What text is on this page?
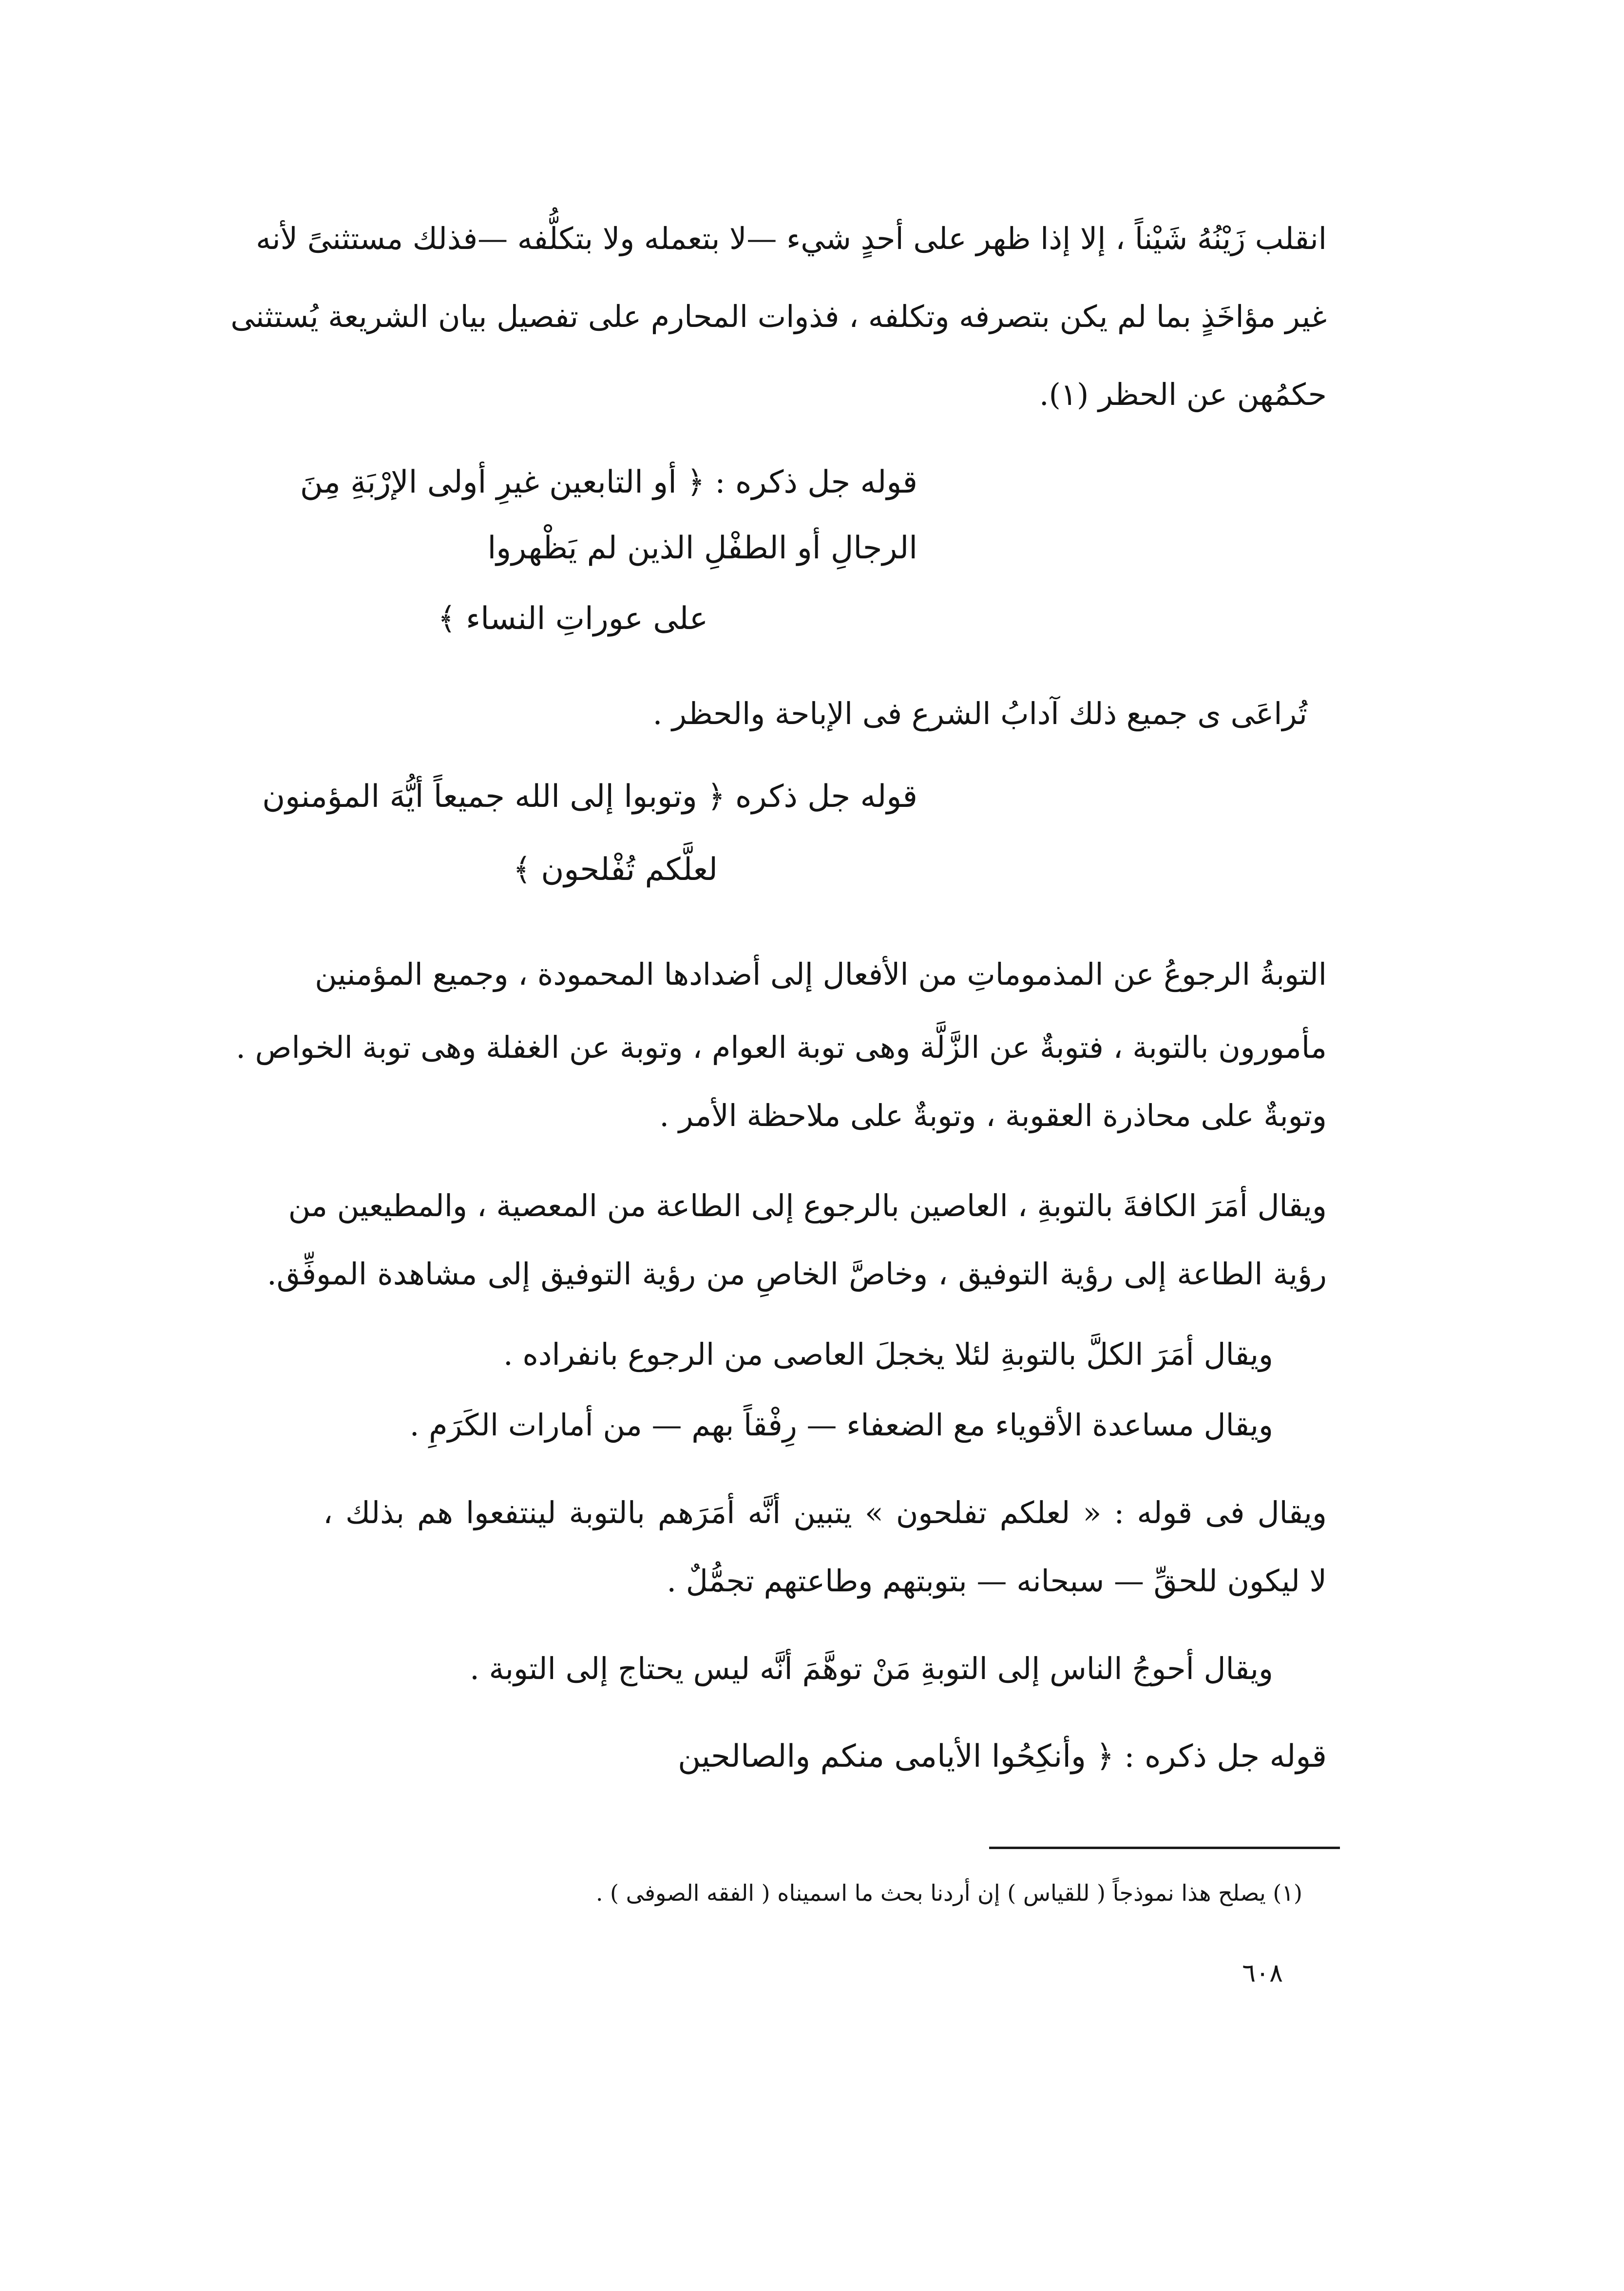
انقلب زَيْنُهُ شَيْناً ، إلا إذا ظهر على أحدٍ شيء —لا بتعمله ولا بتكلُّفه —فذلك مستثنىً لأنه
غير مؤاخَذٍ بما لم يكن بتصرفه وتكلفه ، فذوات المحارم على تفصيل بيان الشريعة يُستثنى
حكمُهن عن الحظر (١).
قوله جل ذكره : ﴿ أو التابعين غيرِ أولى الإرْبَةِ مِنَ
الرجالِ أو الطفْلِ الذين لم يَظْهروا
على عوراتِ النساء ﴾
تُراعَى ى جميع ذلك آدابُ الشرع فى الإباحة والحظر .
قوله جل ذكره ﴿ وتوبوا إلى الله جميعاً أيُّهَ المؤمنون
لعلَّكم تُفْلحون ﴾
التوبةُ الرجوعُ عن المذموماتِ من الأفعال إلى أضدادها المحمودة ، وجميع المؤمنين
مأمورون بالتوبة ، فتوبةٌ عن الزَّلَّة وهى توبة العوام ، وتوبة عن الغفلة وهى توبة الخواص .
وتوبةٌ على محاذرة العقوبة ، وتوبةٌ على ملاحظة الأمر .
ويقال أمَرَ الكافةَ بالتوبةِ ، العاصين بالرجوع إلى الطاعة من المعصية ، والمطيعين من
رؤية الطاعة إلى رؤية التوفيق ، وخاصَّ الخاصِ من رؤية التوفيق إلى مشاهدة الموفِّق.
ويقال أمَرَ الكلَّ بالتوبةِ لئلا يخجلَ العاصى من الرجوع بانفراده .
ويقال مساعدة الأقوياء مع الضعفاء — رِفْقاً بهم — من أمارات الكَرَمِ .
ويقال فى قوله : « لعلكم تفلحون » يتبين أنَّه أمَرَهم بالتوبة لينتفعوا هم بذلك ،
لا ليكون للحقِّ — سبحانه — بتوبتهم وطاعتهم تجمُّلٌ .
ويقال أحوجُ الناس إلى التوبةِ مَنْ توهَّمَ أنَّه ليس يحتاج إلى التوبة .
قوله جل ذكره : ﴿ وأنكِحُوا الأيامى منكم والصالحين
(١) يصلح هذا نموذجاً ( للقياس ) إن أردنا بحث ما اسميناه ( الفقه الصوفى ) .
٦٠٨
